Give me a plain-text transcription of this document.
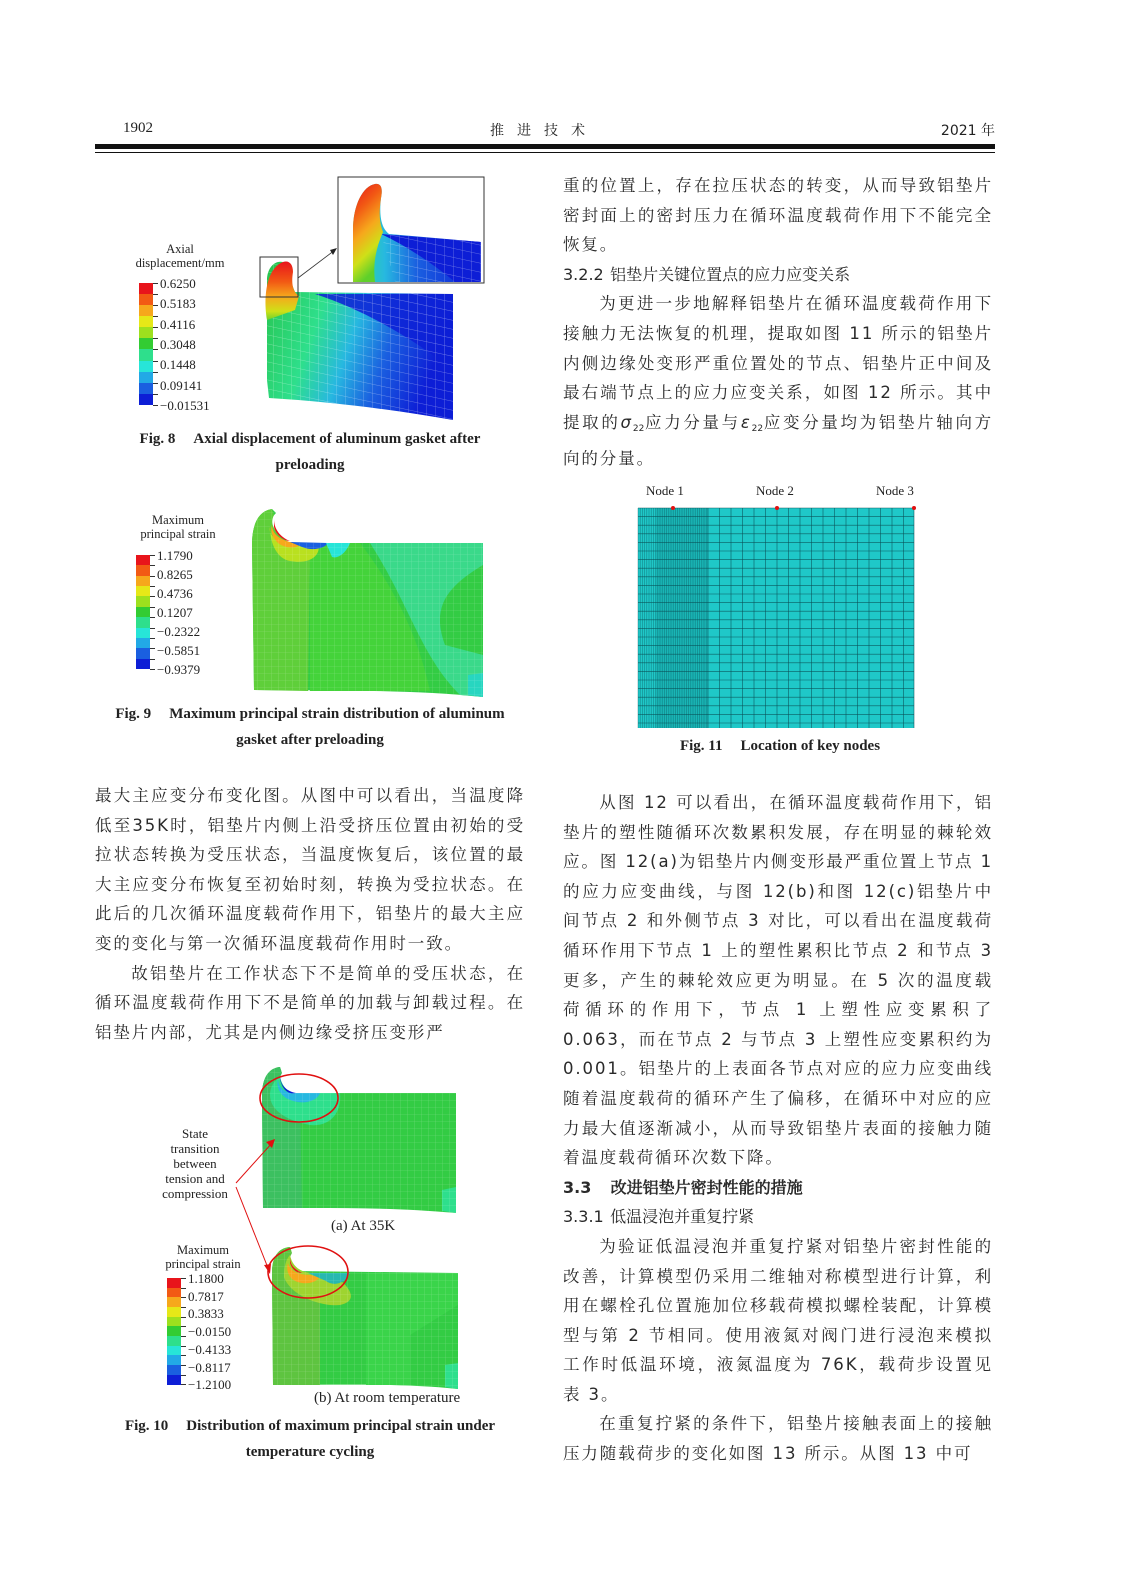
1902	推进技术	2021 年
Axial
displacement/mm
0.6250
0.5183
0.4116
0.3048
0.1448
0.09141
−0.01531
Fig. 8 Axial displacement of aluminum gasket after
preloading
Maximum
principal strain
1.1790
0.8265
0.4736
0.1207
−0.2322
−0.5851
−0.9379
Fig. 9 Maximum principal strain distribution of aluminum
gasket after preloading

最大主应变分布变化图。从图中可以看出，当温度降低至35K时，铝垫片内侧上沿受挤压位置由初始的受拉状态转换为受压状态，当温度恢复后，该位置的最大主应变分布恢复至初始时刻，转换为受拉状态。在此后的几次循环温度载荷作用下，铝垫片的最大主应变的变化与第一次循环温度载荷作用时一致。

故铝垫片在工作状态下不是简单的受压状态，在循环温度载荷作用下不是简单的加载与卸载过程。在铝垫片内部，尤其是内侧边缘受挤压变形严

State
transition
between
tension and
compression
(a) At 35K
Maximum
principal strain
1.1800
0.7817
0.3833
−0.0150
−0.4133
−0.8117
−1.2100
(b) At room temperature
Fig. 10 Distribution of maximum principal strain under
temperature cycling

重的位置上，存在拉压状态的转变，从而导致铝垫片密封面上的密封压力在循环温度载荷作用下不能完全恢复。

3.2.2 铝垫片关键位置点的应力应变关系

为更进一步地解释铝垫片在循环温度载荷作用下接触力无法恢复的机理，提取如图 11 所示的铝垫片内侧边缘处变形严重位置处的节点、铝垫片正中间及最右端节点上的应力应变关系，如图 12 所示。其中提取的$\sigma_{22}$应力分量与$\varepsilon_{22}$应变分量均为铝垫片轴向方向的分量。

Node 1	Node 2	Node 3
Fig. 11 Location of key nodes

从图 12 可以看出，在循环温度载荷作用下，铝垫片的塑性随循环次数累积发展，存在明显的棘轮效应。图 12(a)为铝垫片内侧变形最严重位置上节点 1 的应力应变曲线，与图 12(b)和图 12(c)铝垫片中间节点 2 和外侧节点 3 对比，可以看出在温度载荷循环作用下节点 1 上的塑性累积比节点 2 和节点 3 更多，产生的棘轮效应更为明显。在 5 次的温度载荷循环的作用下，节点 1 上塑性应变累积了 0.063，而在节点 2 与节点 3 上塑性应变累积约为 0.001。铝垫片的上表面各节点对应的应力应变曲线随着温度载荷的循环产生了偏移，在循环中对应的应力最大值逐渐减小，从而导致铝垫片表面的接触力随着温度载荷循环次数下降。

3.3 改进铝垫片密封性能的措施

3.3.1 低温浸泡并重复拧紧

为验证低温浸泡并重复拧紧对铝垫片密封性能的改善，计算模型仍采用二维轴对称模型进行计算，利用在螺栓孔位置施加位移载荷模拟螺栓装配，计算模型与第 2 节相同。使用液氮对阀门进行浸泡来模拟工作时低温环境，液氮温度为 76K，载荷步设置见表 3。

在重复拧紧的条件下，铝垫片接触表面上的接触压力随载荷步的变化如图 13 所示。从图 13 中可
